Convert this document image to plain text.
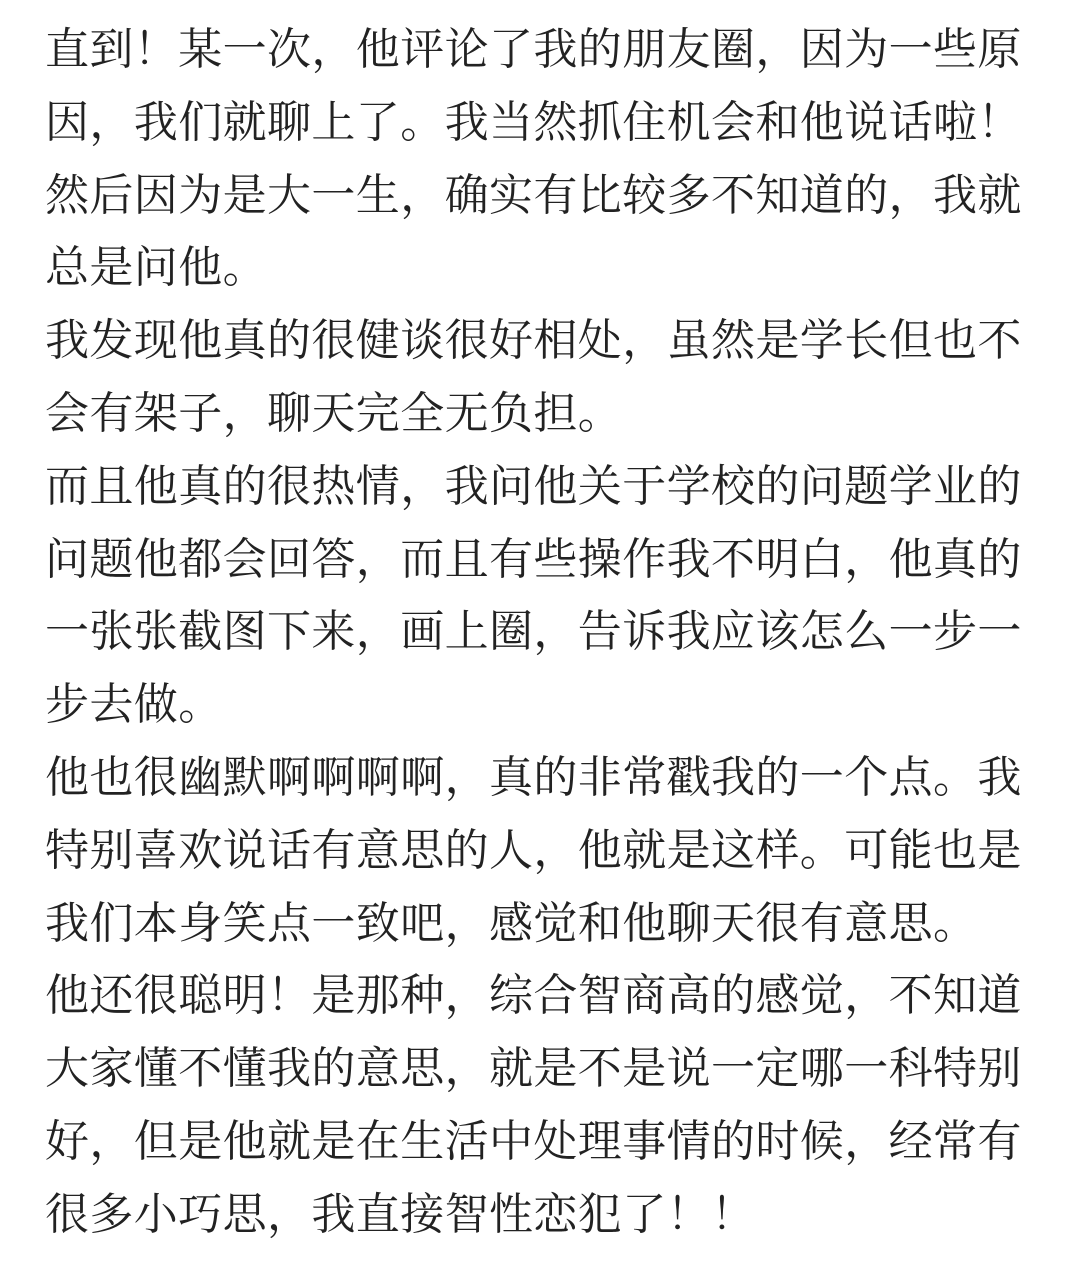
直到！某一次，他评论了我的朋友圈，因为一些原
因，我们就聊上了。我当然抓住机会和他说话啦！
然后因为是大一生，确实有比较多不知道的，我就
总是问他。
我发现他真的很健谈很好相处，虽然是学长但也不
会有架子，聊天完全无负担。
而且他真的很热情，我问他关于学校的问题学业的
问题他都会回答，而且有些操作我不明白，他真的
一张张截图下来，画上圈，告诉我应该怎么一步一
步去做。
他也很幽默啊啊啊啊，真的非常戳我的一个点。我
特别喜欢说话有意思的人，他就是这样。可能也是
我们本身笑点一致吧，感觉和他聊天很有意思。
他还很聪明！是那种，综合智商高的感觉，不知道
大家懂不懂我的意思，就是不是说一定哪一科特别
好，但是他就是在生活中处理事情的时候，经常有
很多小巧思，我直接智性恋犯了！！
